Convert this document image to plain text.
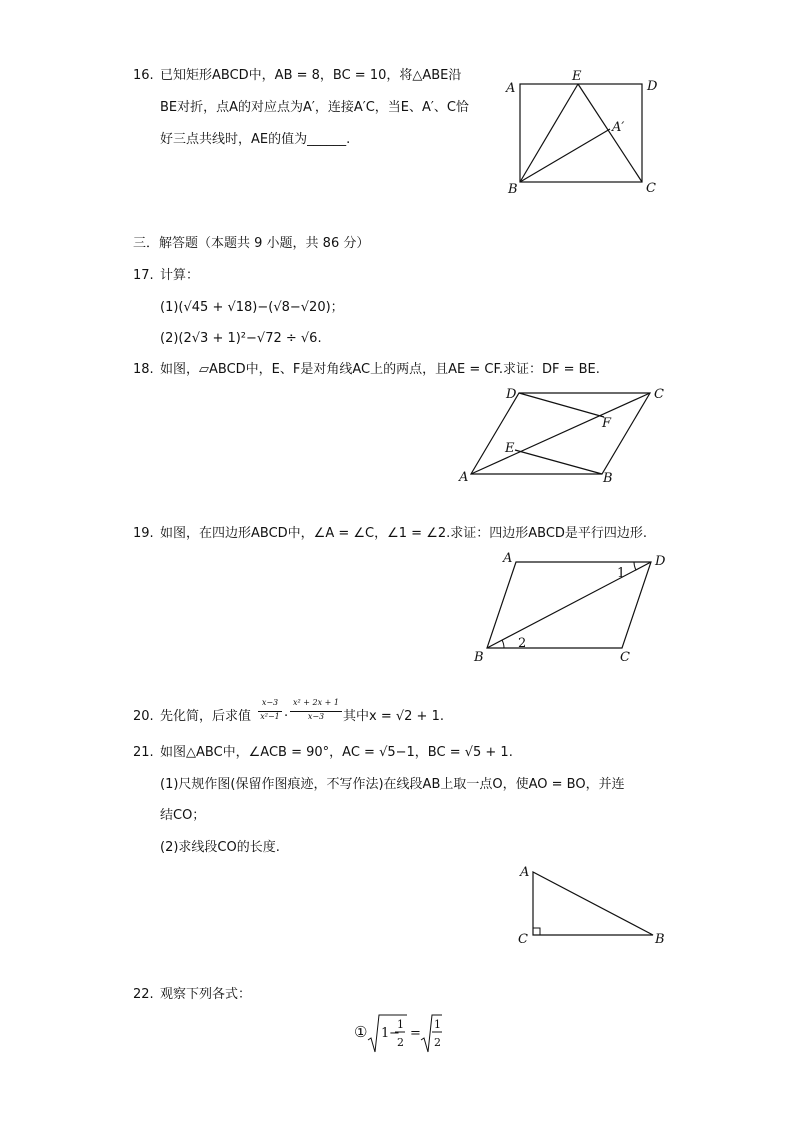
16. 已知矩形ABCD中，AB = 8，BC = 10，将△ABE沿
BE对折，点A的对应点为A′，连接A′C，当E、A′、C恰
好三点共线时，AE的值为______.
A
E
D
A′
B	C
三．解答题（本题共 9 小题，共 86 分）
17. 计算：
(1)(√45 + √18)−(√8−√20)；
(2)(2√3 + 1)²−√72 ÷ √6.
18. 如图，▱ABCD中，E、F是对角线AC上的两点，且AE = CF.求证：DF = BE.
D	C
F
E
A	B
19. 如图，在四边形ABCD中，∠A = ∠C，∠1 = ∠2.求证：四边形ABCD是平行四边形.
A	D
1
2
B	C
20. 先化简，后求值
x−3
x²−1 ·
x² + 2x + 1
x−3	其中x = √2 + 1.
21. 如图△ABC中，∠ACB = 90°，AC = √5−1，BC = √5 + 1.
(1)尺规作图(保留作图痕迹，不写作法)在线段AB上取一点O，使AO = BO，并连
结CO；
(2)求线段CO的长度.
A
C	B
22. 观察下列各式：
① 1 −
1
2
=
1
2
